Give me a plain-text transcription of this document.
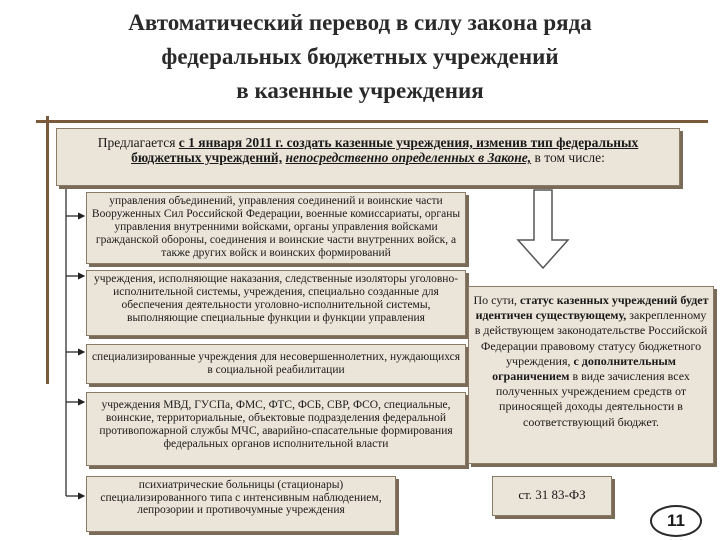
Автоматический перевод в силу закона ряда
федеральных бюджетных учреждений
в казенные учреждения
Предлагается с 1 января 2011 г. создать казенные учреждения, изменив тип федеральных бюджетных учреждений, непосредственно определенных в Законе, в том числе:
управления объединений, управления соединений и воинские части Вооруженных Сил Российской Федерации, военные комиссариаты, органы управления внутренними войсками, органы управления войсками гражданской обороны, соединения и воинские части внутренних войск, а также других войск и воинских формирований
учреждения, исполняющие наказания, следственные изоляторы уголовно-исполнительной системы, учреждения, специально созданные для обеспечения деятельности уголовно-исполнительной системы, выполняющие специальные функции и функции управления
специализированные учреждения для несовершеннолетних, нуждающихся в социальной реабилитации
учреждения МВД, ГУСПа, ФМС, ФТС, ФСБ, СВР, ФСО, специальные, воинские, территориальные, объектовые подразделения федеральной противопожарной службы МЧС, аварийно-спасательные формирования федеральных органов исполнительной власти
психиатрические больницы (стационары) специализированного типа с интенсивным наблюдением, лепрозории и противочумные учреждения
По сути, статус казенных учреждений будет идентичен существующему, закрепленному в действующем законодательстве Российской Федерации правовому статусу бюджетного учреждения, с дополнительным ограничением в виде зачисления всех полученных учреждением средств от приносящей доходы деятельности в соответствующий бюджет.
ст. 31 83-ФЗ
11
